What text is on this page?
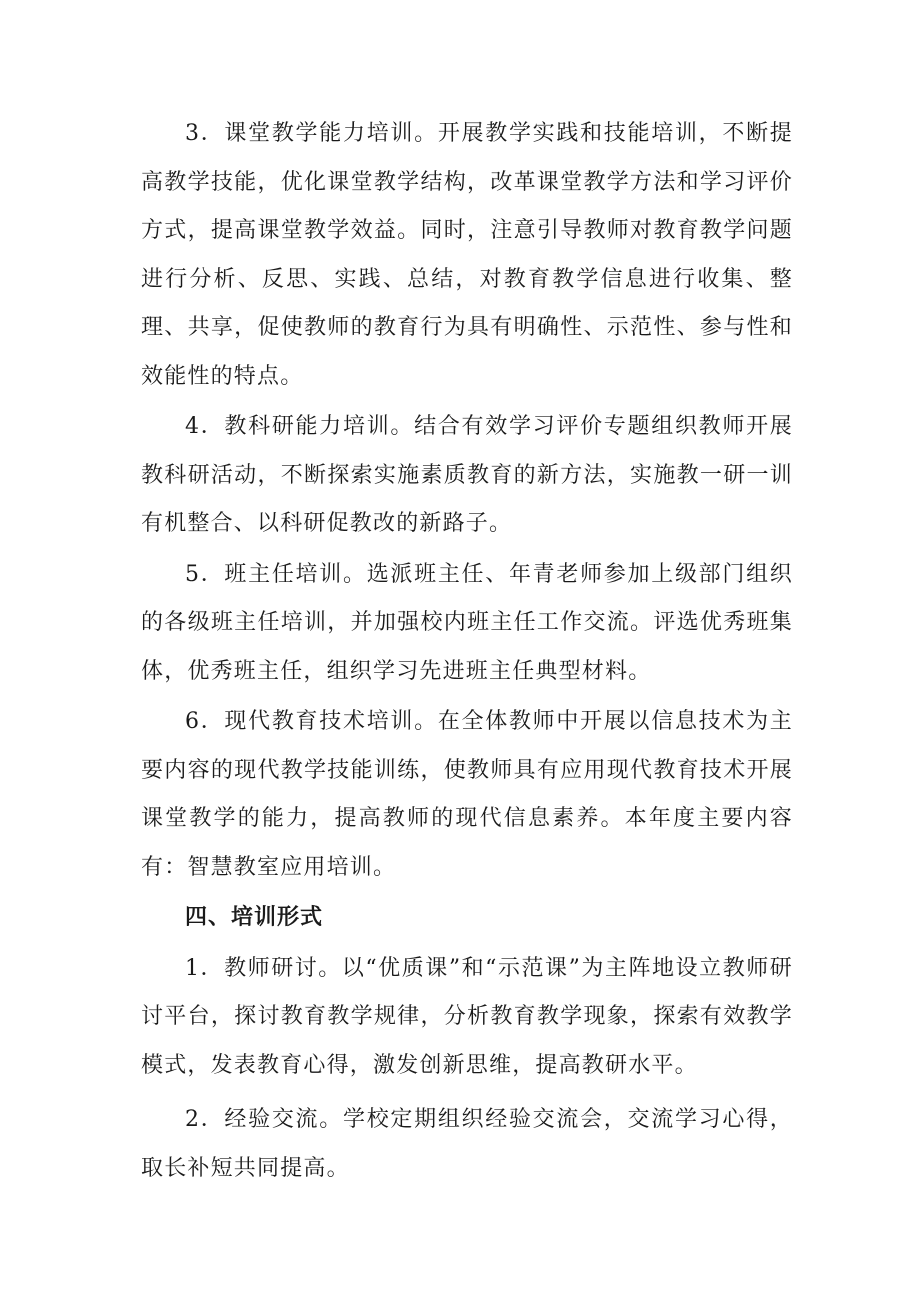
3．课堂教学能力培训。开展教学实践和技能培训，不断提高教学技能，优化课堂教学结构，改革课堂教学方法和学习评价方式，提高课堂教学效益。同时，注意引导教师对教育教学问题进行分析、反思、实践、总结，对教育教学信息进行收集、整理、共享，促使教师的教育行为具有明确性、示范性、参与性和效能性的特点。

4．教科研能力培训。结合有效学习评价专题组织教师开展教科研活动，不断探索实施素质教育的新方法，实施教一研一训有机整合、以科研促教改的新路子。

5．班主任培训。选派班主任、年青老师参加上级部门组织的各级班主任培训，并加强校内班主任工作交流。评选优秀班集体，优秀班主任，组织学习先进班主任典型材料。

6．现代教育技术培训。在全体教师中开展以信息技术为主要内容的现代教学技能训练，使教师具有应用现代教育技术开展课堂教学的能力，提高教师的现代信息素养。本年度主要内容有：智慧教室应用培训。

四、培训形式

1．教师研讨。以“优质课”和“示范课”为主阵地设立教师研讨平台，探讨教育教学规律，分析教育教学现象，探索有效教学模式，发表教育心得，激发创新思维，提高教研水平。

2．经验交流。学校定期组织经验交流会，交流学习心得，取长补短共同提高。
